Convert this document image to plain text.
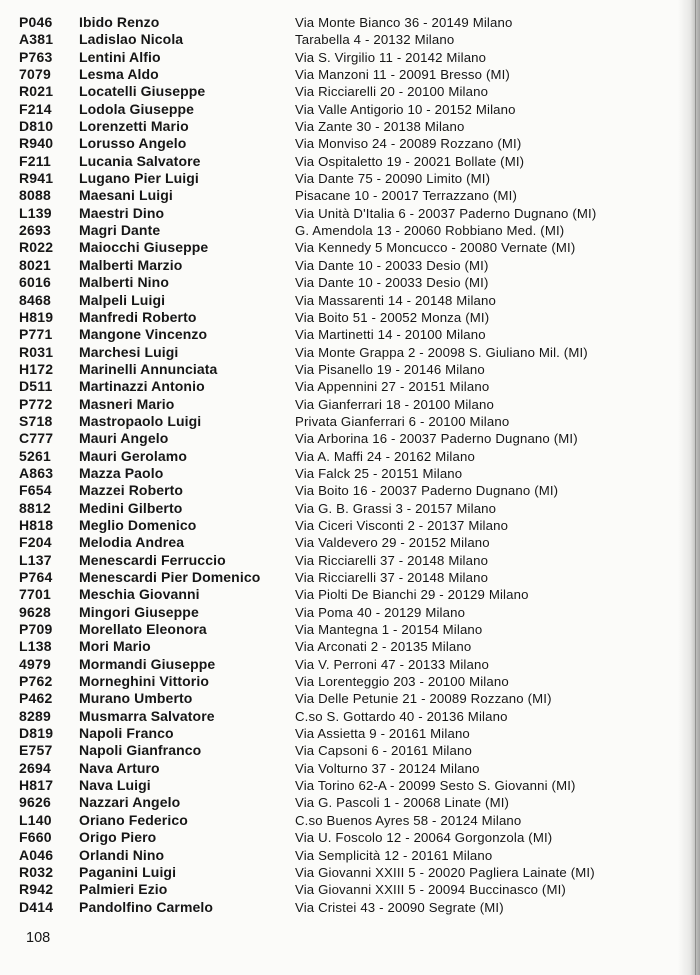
P046	Ibido Renzo	Via Monte Bianco 36 - 20149 Milano
A381	Ladislao Nicola	Tarabella 4 - 20132 Milano
P763	Lentini Alfio	Via S. Virgilio 11 - 20142 Milano
7079	Lesma Aldo	Via Manzoni 11 - 20091 Bresso (MI)
R021	Locatelli Giuseppe	Via Ricciarelli 20 - 20100 Milano
F214	Lodola Giuseppe	Via Valle Antigorio 10 - 20152 Milano
D810	Lorenzetti Mario	Via Zante 30 - 20138 Milano
R940	Lorusso Angelo	Via Monviso 24 - 20089 Rozzano (MI)
F211	Lucania Salvatore	Via Ospitaletto 19 - 20021 Bollate (MI)
R941	Lugano Pier Luigi	Via Dante 75 - 20090 Limito (MI)
8088	Maesani Luigi	Pisacane 10 - 20017 Terrazzano (MI)
L139	Maestri Dino	Via Unità D'Italia 6 - 20037 Paderno Dugnano (MI)
2693	Magri Dante	G. Amendola 13 - 20060 Robbiano Med. (MI)
R022	Maiocchi Giuseppe	Via Kennedy 5 Moncucco - 20080 Vernate (MI)
8021	Malberti Marzio	Via Dante 10 - 20033 Desio (MI)
6016	Malberti Nino	Via Dante 10 - 20033 Desio (MI)
8468	Malpeli Luigi	Via Massarenti 14 - 20148 Milano
H819	Manfredi Roberto	Via Boito 51 - 20052 Monza (MI)
P771	Mangone Vincenzo	Via Martinetti 14 - 20100 Milano
R031	Marchesi Luigi	Via Monte Grappa 2 - 20098 S. Giuliano Mil. (MI)
H172	Marinelli Annunciata	Via Pisanello 19 - 20146 Milano
D511	Martinazzi Antonio	Via Appennini 27 - 20151 Milano
P772	Masneri Mario	Via Gianferrari 18 - 20100 Milano
S718	Mastropaolo Luigi	Privata Gianferrari 6 - 20100 Milano
C777	Mauri Angelo	Via Arborina 16 - 20037 Paderno Dugnano (MI)
5261	Mauri Gerolamo	Via A. Maffi 24 - 20162 Milano
A863	Mazza Paolo	Via Falck 25 - 20151 Milano
F654	Mazzei Roberto	Via Boito 16 - 20037 Paderno Dugnano (MI)
8812	Medini Gilberto	Via G. B. Grassi 3 - 20157 Milano
H818	Meglio Domenico	Via Ciceri Visconti 2 - 20137 Milano
F204	Melodia Andrea	Via Valdevero 29 - 20152 Milano
L137	Menescardi Ferruccio	Via Ricciarelli 37 - 20148 Milano
P764	Menescardi Pier Domenico	Via Ricciarelli 37 - 20148 Milano
7701	Meschia Giovanni	Via Piolti De Bianchi 29 - 20129 Milano
9628	Mingori Giuseppe	Via Poma 40 - 20129 Milano
P709	Morellato Eleonora	Via Mantegna 1 - 20154 Milano
L138	Mori Mario	Via Arconati 2 - 20135 Milano
4979	Mormandi Giuseppe	Via V. Perroni 47 - 20133 Milano
P762	Morneghini Vittorio	Via Lorenteggio 203 - 20100 Milano
P462	Murano Umberto	Via Delle Petunie 21 - 20089 Rozzano (MI)
8289	Musmarra Salvatore	C.so S. Gottardo 40 - 20136 Milano
D819	Napoli Franco	Via Assietta 9 - 20161 Milano
E757	Napoli Gianfranco	Via Capsoni 6 - 20161 Milano
2694	Nava Arturo	Via Volturno 37 - 20124 Milano
H817	Nava Luigi	Via Torino 62-A - 20099 Sesto S. Giovanni (MI)
9626	Nazzari Angelo	Via G. Pascoli 1 - 20068 Linate (MI)
L140	Oriano Federico	C.so Buenos Ayres 58 - 20124 Milano
F660	Origo Piero	Via U. Foscolo 12 - 20064 Gorgonzola (MI)
A046	Orlandi Nino	Via Semplicità 12 - 20161 Milano
R032	Paganini Luigi	Via Giovanni XXIII 5 - 20020 Pagliera Lainate (MI)
R942	Palmieri Ezio	Via Giovanni XXIII 5 - 20094 Buccinasco (MI)
D414	Pandolfino Carmelo	Via Cristei 43 - 20090 Segrate (MI)
108
